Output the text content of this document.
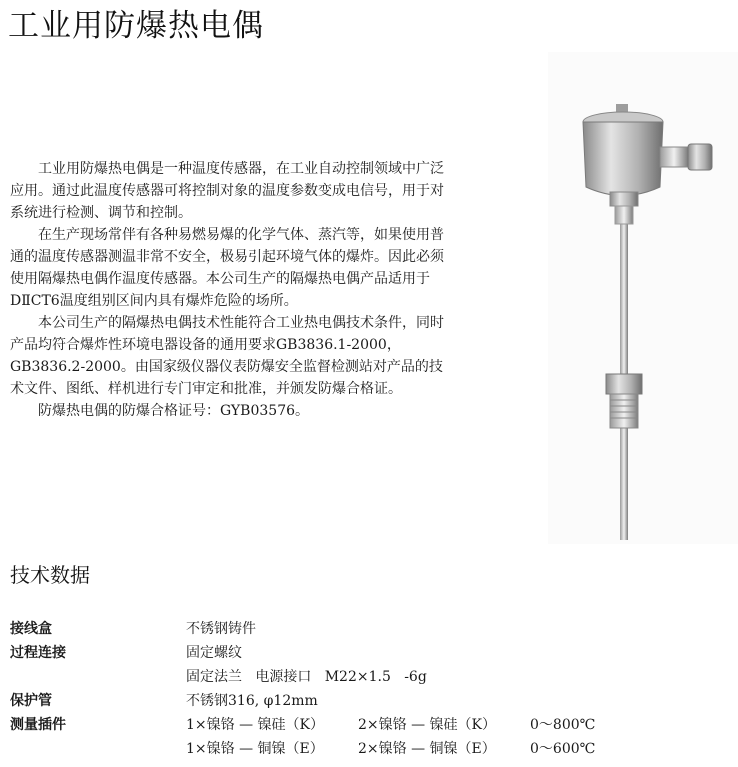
工业用防爆热电偶

工业用防爆热电偶是一种温度传感器，在工业自动控制领域中广泛应用。通过此温度传感器可将控制对象的温度参数变成电信号，用于对系统进行检测、调节和控制。

在生产现场常伴有各种易燃易爆的化学气体、蒸汽等，如果使用普通的温度传感器测温非常不安全，极易引起环境气体的爆炸。因此必须使用隔爆热电偶作温度传感器。本公司生产的隔爆热电偶产品适用于DⅡCT6温度组别区间内具有爆炸危险的场所。

本公司生产的隔爆热电偶技术性能符合工业热电偶技术条件，同时产品均符合爆炸性环境电器设备的通用要求GB3836.1-2000，GB3836.2-2000。由国家级仪器仪表防爆安全监督检测站对产品的技术文件、图纸、样机进行专门审定和批准，并颁发防爆合格证。

防爆热电偶的防爆合格证号：GYB03576。

技术数据
接线盒	不锈钢铸件
过程连接	固定螺纹
固定法兰   电源接口   M22×1.5   -6g
保护管	不锈钢316, φ12mm
测量插件	1×镍铬 — 镍硅（K） 2×镍铬 — 镍硅（K） 0～800℃
1×镍铬 — 铜镍（E） 2×镍铬 — 铜镍（E） 0～600℃
